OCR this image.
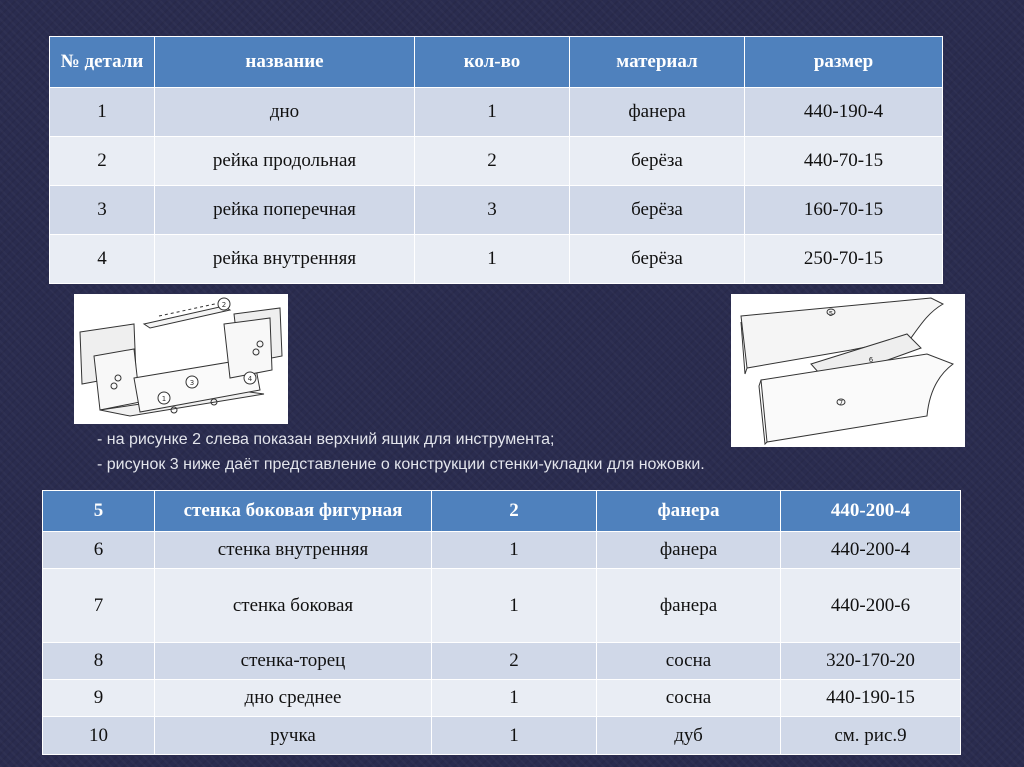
№ детали	название	кол-во	материал	размер
1	дно	1	фанера	440-190-4
2	рейка продольная	2	берёза	440-70-15
3	рейка поперечная	3	берёза	160-70-15
4	рейка внутренняя	1	берёза	250-70-15
2
3	4
1
5
6
7
- на рисунке 2 слева показан верхний ящик для инструмента;
- рисунок 3 ниже даёт представление о конструкции стенки-укладки для ножовки.
5	стенка боковая фигурная	2	фанера	440-200-4
6	стенка внутренняя	1	фанера	440-200-4
7	стенка боковая	1	фанера	440-200-6
8	стенка-торец	2	сосна	320-170-20
9	дно среднее	1	сосна	440-190-15
10	ручка	1	дуб	см. рис.9
